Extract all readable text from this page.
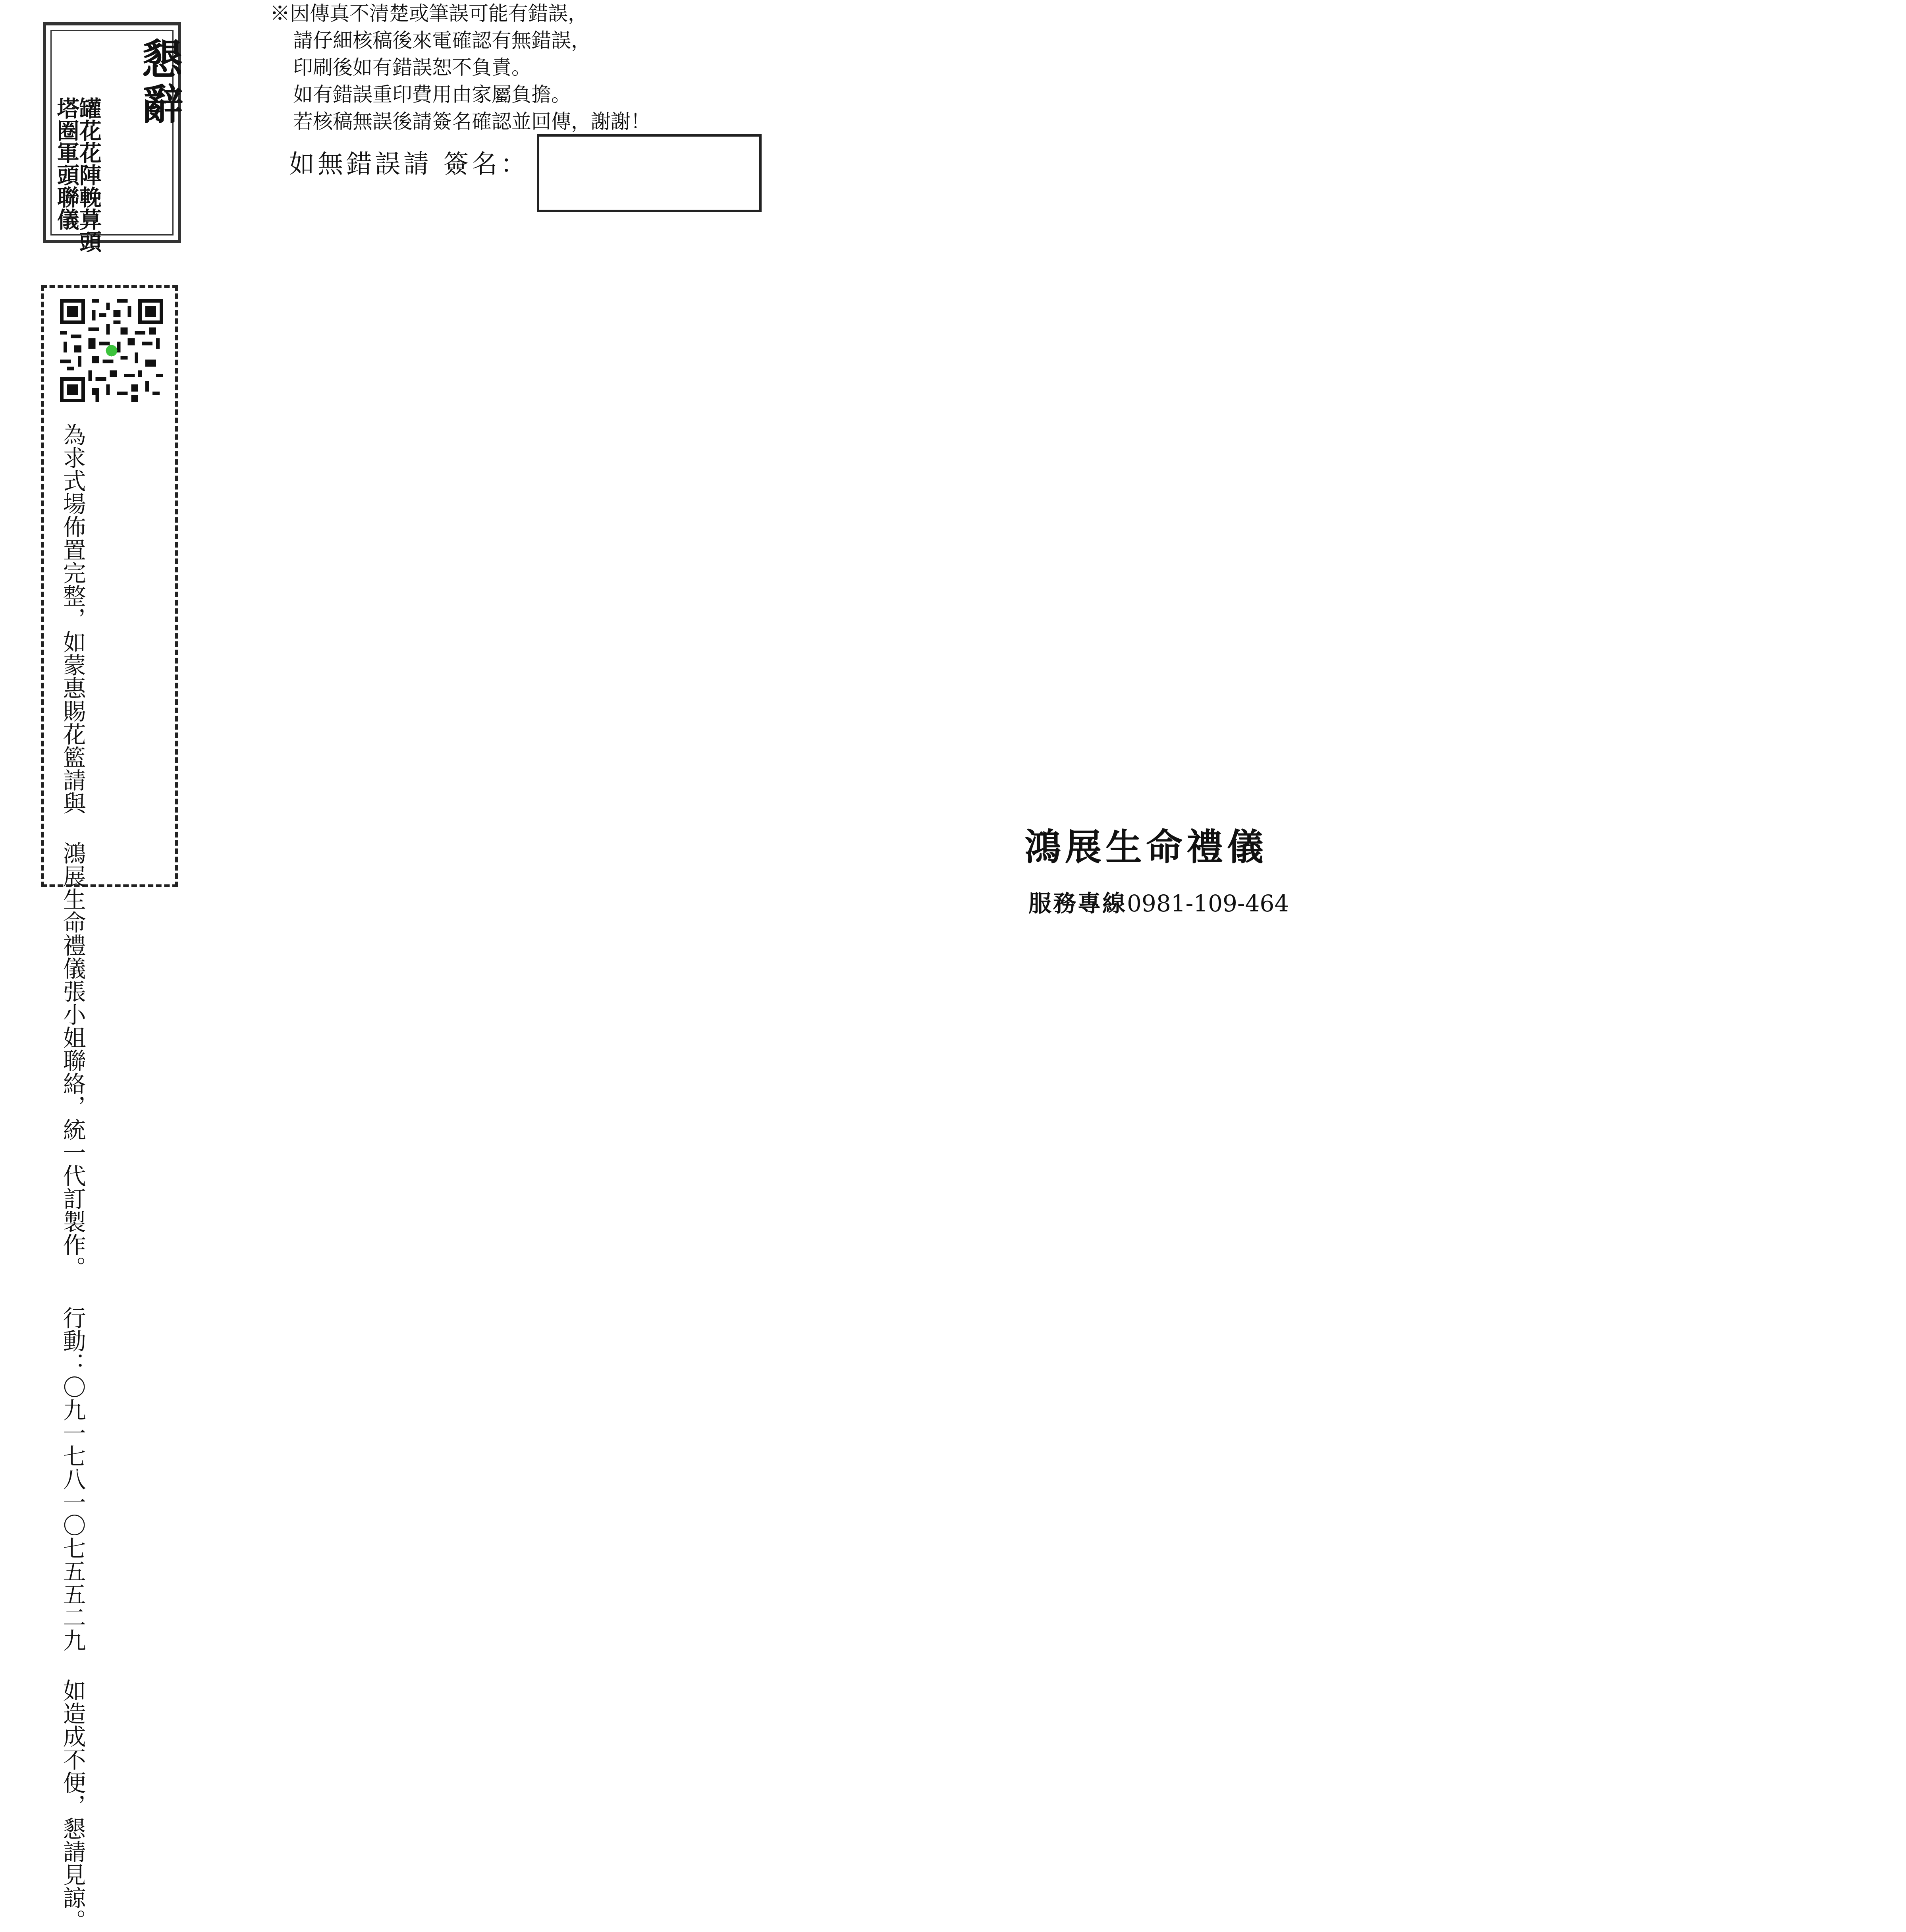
懇辭
罐花花陣輓萛頭
塔圈軍頭聯儀
※因傳真不清楚或筆誤可能有錯誤，
請仔細核稿後來電確認有無錯誤，
印刷後如有錯誤恕不負責。
如有錯誤重印費用由家屬負擔。
若核稿無誤後請簽名確認並回傳，謝謝！
如無錯誤請 簽名：
為求式場佈置完整，如蒙惠賜花籃請與 鴻展生命禮儀張小姐聯絡，統一代訂製作。 行動：〇九一七八一〇七五五二九 如造成不便，懇請見諒。
鴻展生命禮儀
服務專線0981-109-464
